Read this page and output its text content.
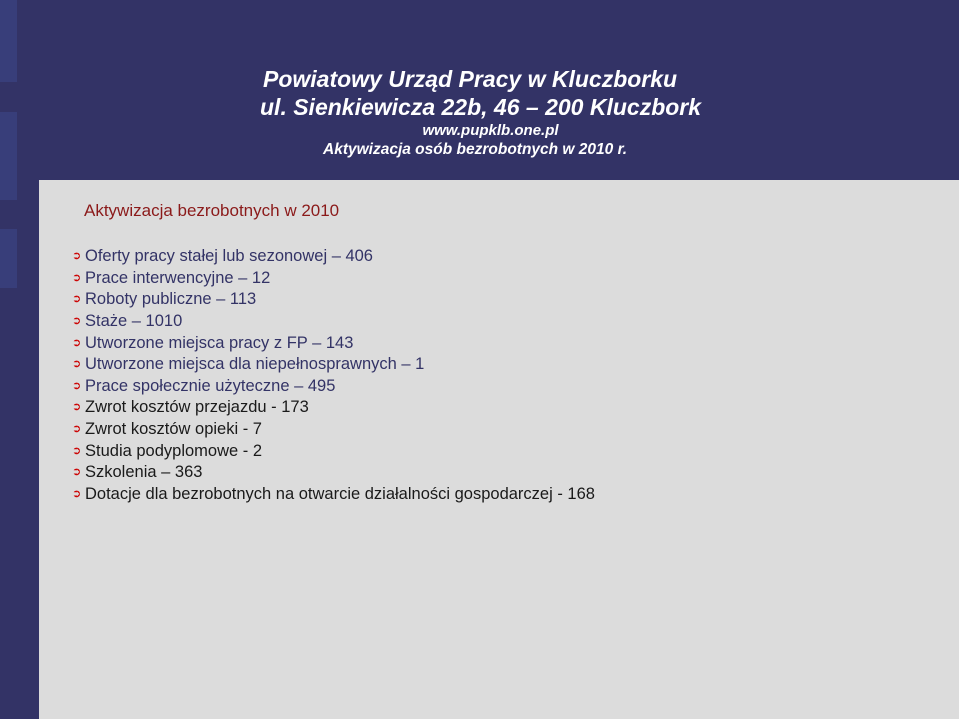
Powiatowy Urząd Pracy w Kluczborku
ul. Sienkiewicza 22b, 46 – 200 Kluczbork
www.pupklb.one.pl
Aktywizacja osób bezrobotnych w 2010 r.
Aktywizacja bezrobotnych w 2010
➲ Oferty pracy stałej lub sezonowej – 406
➲ Prace interwencyjne – 12
➲ Roboty publiczne – 113
➲ Staże – 1010
➲ Utworzone miejsca pracy z FP – 143
➲ Utworzone miejsca dla niepełnosprawnych – 1
➲ Prace społecznie użyteczne – 495
➲ Zwrot kosztów przejazdu - 173
➲ Zwrot kosztów opieki - 7
➲ Studia podyplomowe - 2
➲ Szkolenia – 363
➲ Dotacje dla bezrobotnych na otwarcie działalności gospodarczej - 168
